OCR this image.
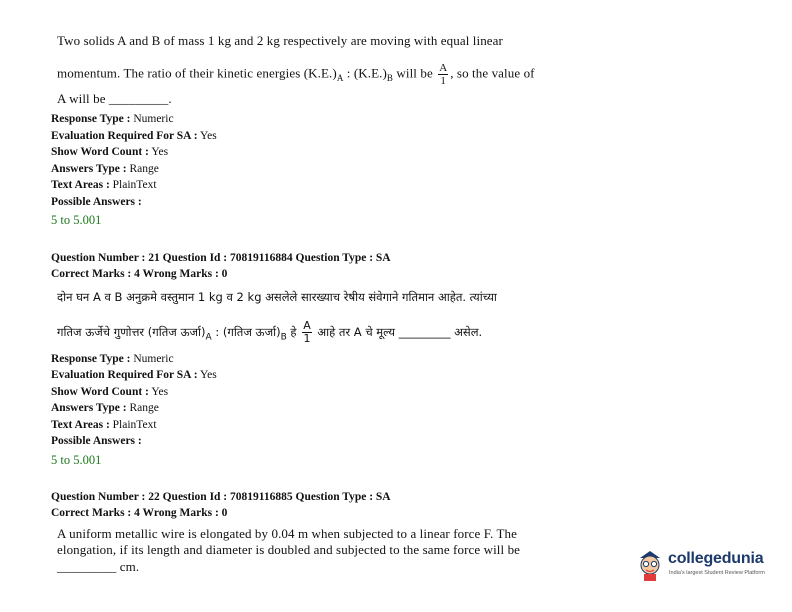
Two solids A and B of mass 1 kg and 2 kg respectively are moving with equal linear
momentum. The ratio of their kinetic energies $(K.E.)_A$ : $(K.E.)_B$ will be $\frac{A}{1}$ , so the value of
A will be _________.
Response Type : Numeric
Evaluation Required For SA : Yes
Show Word Count : Yes
Answers Type : Range
Text Areas : PlainText
Possible Answers :
5 to 5.001
Question Number : 21 Question Id : 70819116884 Question Type : SA
Correct Marks : 4 Wrong Marks : 0
दोन घन A व B अनुक्रमे वस्तुमान 1 kg व 2 kg असलेले सारख्याच रेषीय संवेगाने गतिमान आहेत. त्यांच्या
गतिज ऊर्जेचे गुणोत्तर (गतिज $ऊर्जा)_A$ : (गतिज $ऊर्जा)_B$ हे $\frac{A}{1}$ आहे तर A चे मूल्य _________ असेल.
Response Type : Numeric
Evaluation Required For SA : Yes
Show Word Count : Yes
Answers Type : Range
Text Areas : PlainText
Possible Answers :
5 to 5.001
Question Number : 22 Question Id : 70819116885 Question Type : SA
Correct Marks : 4 Wrong Marks : 0
A uniform metallic wire is elongated by 0.04 m when subjected to a linear force F. The
elongation, if its length and diameter is doubled and subjected to the same force will be
_________ cm.	collegedunia
India's largest Student Review Platform
